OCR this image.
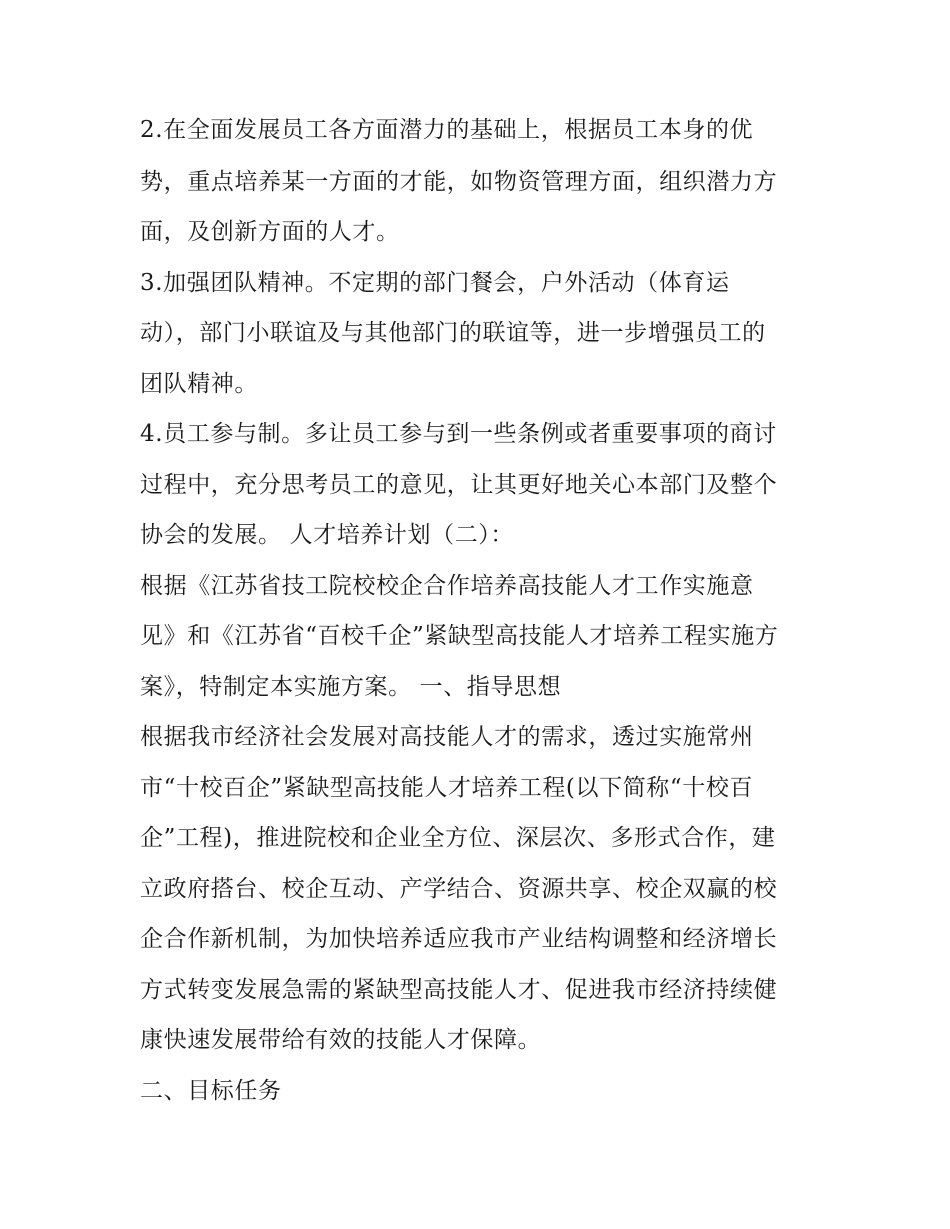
2.在全面发展员工各方面潜力的基础上，根据员工本身的优
势，重点培养某一方面的才能，如物资管理方面，组织潜力方
面，及创新方面的人才。
3.加强团队精神。不定期的部门餐会，户外活动（体育运
动），部门小联谊及与其他部门的联谊等，进一步增强员工的
团队精神。
4.员工参与制。多让员工参与到一些条例或者重要事项的商讨
过程中，充分思考员工的意见，让其更好地关心本部门及整个
协会的发展。 人才培养计划（二）：
根据《江苏省技工院校校企合作培养高技能人才工作实施意
见》和《江苏省“百校千企”紧缺型高技能人才培养工程实施方
案》，特制定本实施方案。 一、指导思想
根据我市经济社会发展对高技能人才的需求，透过实施常州
市“十校百企”紧缺型高技能人才培养工程(以下简称“十校百
企”工程)，推进院校和企业全方位、深层次、多形式合作，建
立政府搭台、校企互动、产学结合、资源共享、校企双赢的校
企合作新机制，为加快培养适应我市产业结构调整和经济增长
方式转变发展急需的紧缺型高技能人才、促进我市经济持续健
康快速发展带给有效的技能人才保障。
二、目标任务
